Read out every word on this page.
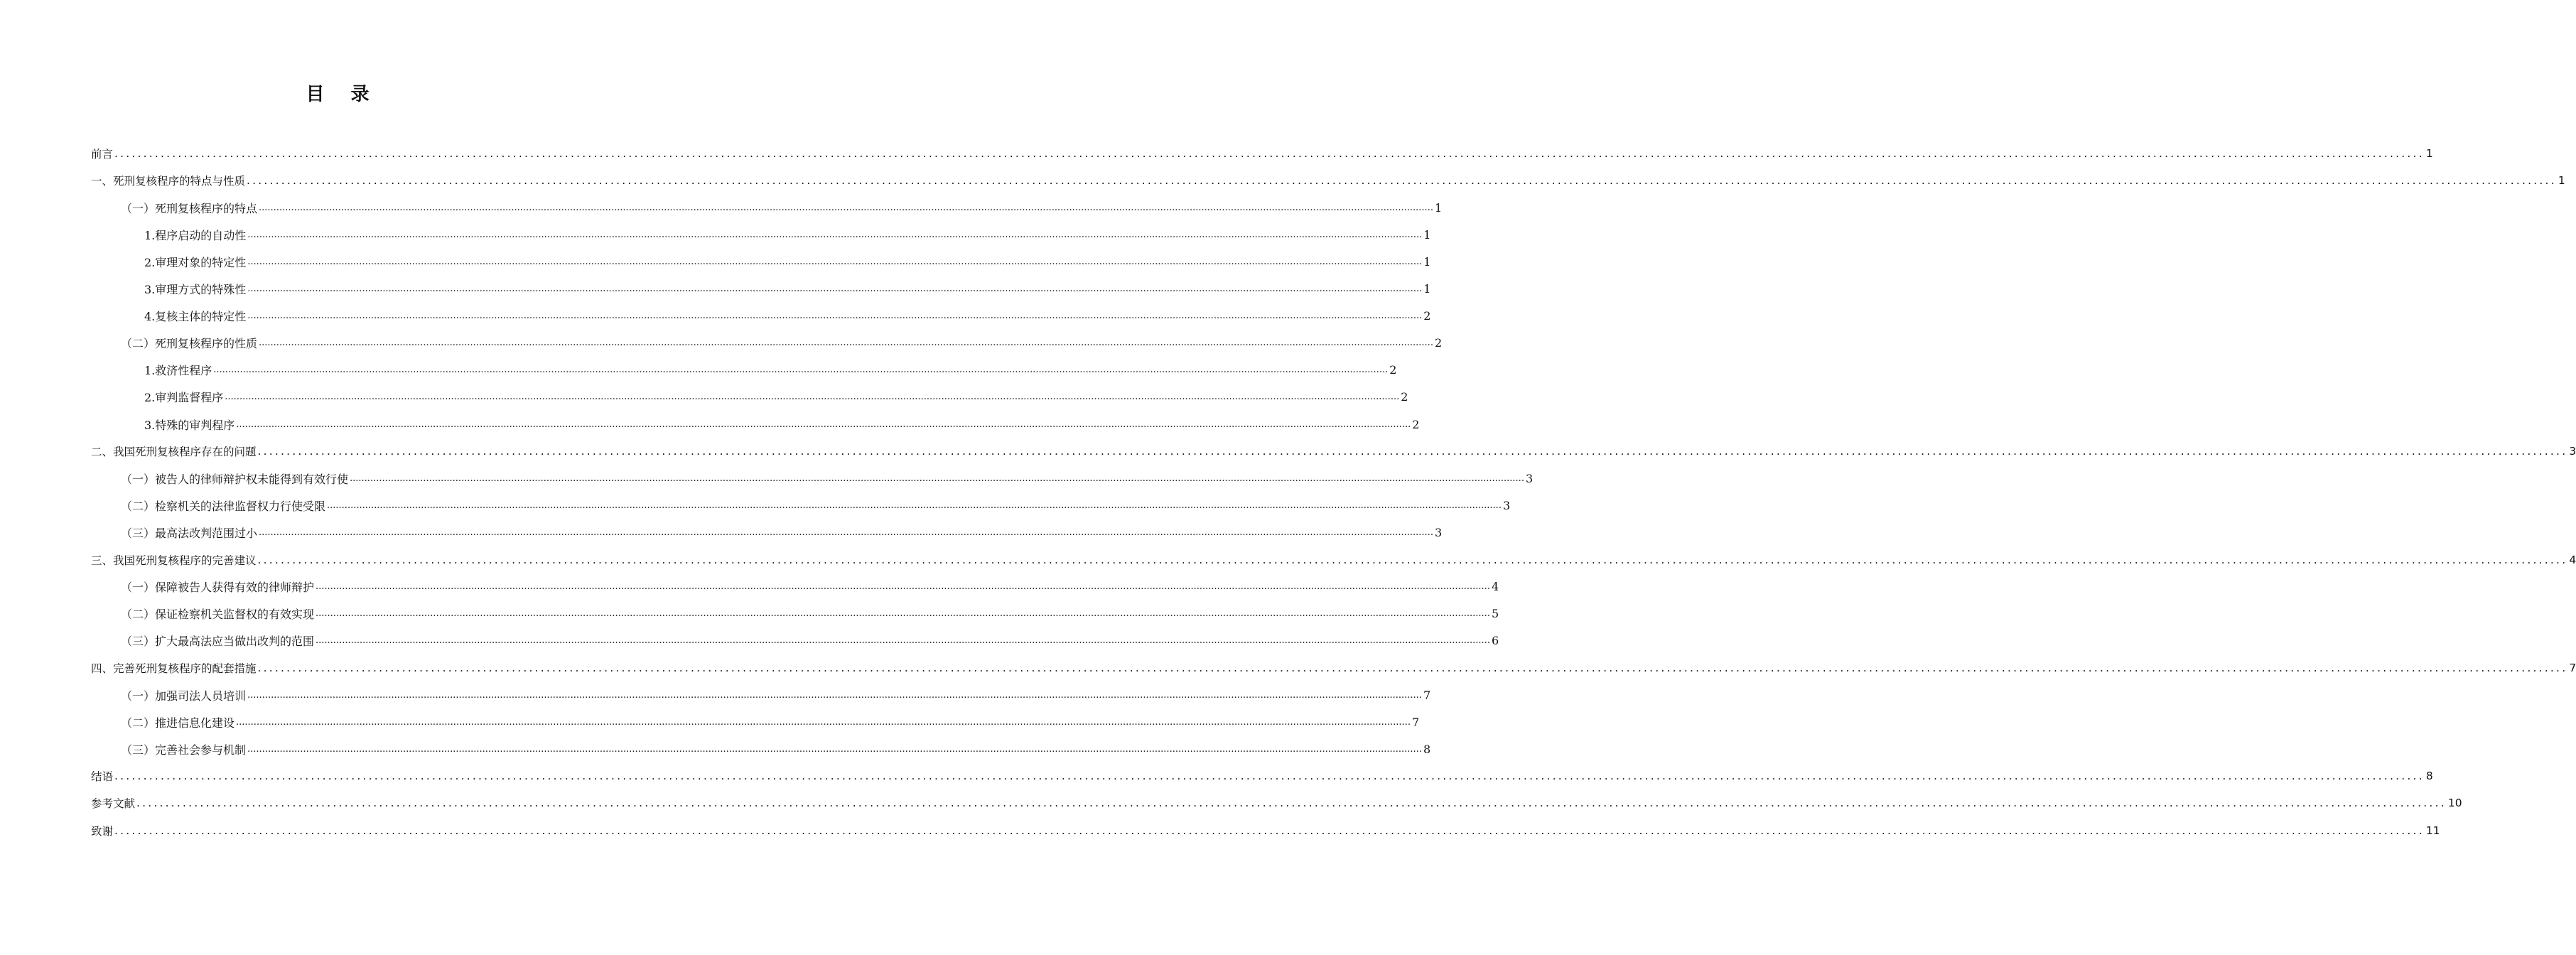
目 录
前言 ................................................................................................................................................................................................................................................................................................................................................................................................................ 1
一、死刑复核程序的特点与性质 ................................................................................................................................................................................................................................................................................................................................................................................................................ 1
（一）死刑复核程序的特点 ................................................................................................................................................................................................................................................................................................................................................................................................................ 1
1.程序启动的自动性 ................................................................................................................................................................................................................................................................................................................................................................................................................ 1
2.审理对象的特定性 ................................................................................................................................................................................................................................................................................................................................................................................................................ 1
3.审理方式的特殊性 ................................................................................................................................................................................................................................................................................................................................................................................................................ 1
4.复核主体的特定性 ................................................................................................................................................................................................................................................................................................................................................................................................................ 2
（二）死刑复核程序的性质 ................................................................................................................................................................................................................................................................................................................................................................................................................ 2
1.救济性程序 ................................................................................................................................................................................................................................................................................................................................................................................................................ 2
2.审判监督程序 ................................................................................................................................................................................................................................................................................................................................................................................................................ 2
3.特殊的审判程序 ................................................................................................................................................................................................................................................................................................................................................................................................................ 2
二、我国死刑复核程序存在的问题 ................................................................................................................................................................................................................................................................................................................................................................................................................ 3
（一）被告人的律师辩护权未能得到有效行使 ................................................................................................................................................................................................................................................................................................................................................................................................................ 3
（二）检察机关的法律监督权力行使受限 ................................................................................................................................................................................................................................................................................................................................................................................................................ 3
（三）最高法改判范围过小 ................................................................................................................................................................................................................................................................................................................................................................................................................ 3
三、我国死刑复核程序的完善建议 ................................................................................................................................................................................................................................................................................................................................................................................................................ 4
（一）保障被告人获得有效的律师辩护 ................................................................................................................................................................................................................................................................................................................................................................................................................ 4
（二）保证检察机关监督权的有效实现 ................................................................................................................................................................................................................................................................................................................................................................................................................ 5
（三）扩大最高法应当做出改判的范围 ................................................................................................................................................................................................................................................................................................................................................................................................................ 6
四、完善死刑复核程序的配套措施 ................................................................................................................................................................................................................................................................................................................................................................................................................ 7
（一）加强司法人员培训 ................................................................................................................................................................................................................................................................................................................................................................................................................ 7
（二）推进信息化建设 ................................................................................................................................................................................................................................................................................................................................................................................................................ 7
（三）完善社会参与机制 ................................................................................................................................................................................................................................................................................................................................................................................................................ 8
结语 ................................................................................................................................................................................................................................................................................................................................................................................................................ 8
参考文献 ................................................................................................................................................................................................................................................................................................................................................................................................................ 10
致谢 ................................................................................................................................................................................................................................................................................................................................................................................................................ 11
